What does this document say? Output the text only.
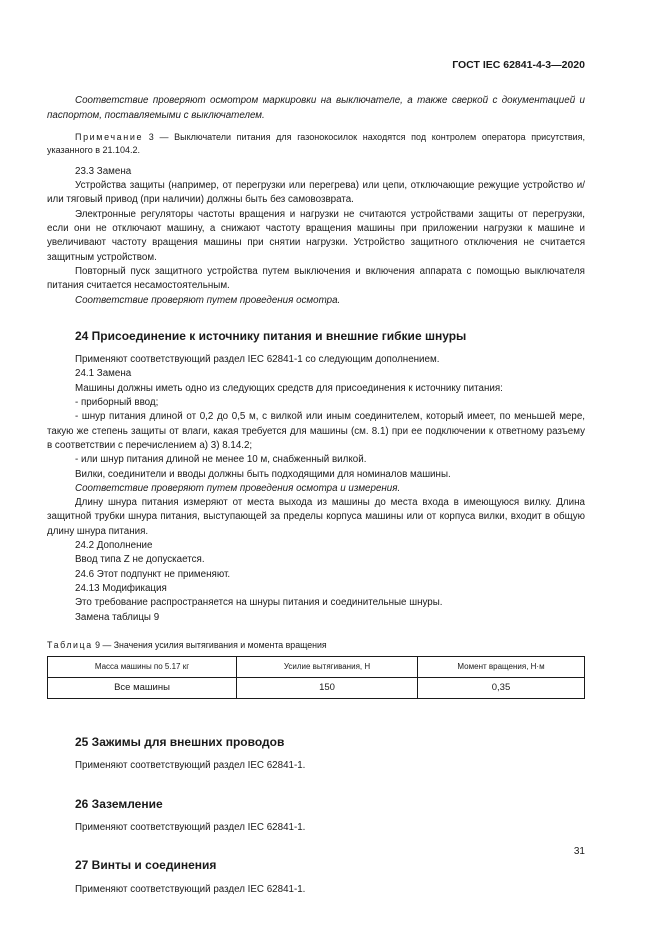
ГОСТ IEC 62841-4-3—2020

Соответствие проверяют осмотром маркировки на выключателе, а также сверкой с документацией и паспортом, поставляемыми с выключателем.

Примечание 3 — Выключатели питания для газонокосилок находятся под контролем оператора присутствия, указанного в 21.104.2.

23.3 Замена

Устройства защиты (например, от перегрузки или перегрева) или цепи, отключающие режущие устройство и/или тяговый привод (при наличии) должны быть без самовозврата.

Электронные регуляторы частоты вращения и нагрузки не считаются устройствами защиты от перегрузки, если они не отключают машину, а снижают частоту вращения машины при приложении нагрузки к машине и увеличивают частоту вращения машины при снятии нагрузки. Устройство защитного отключения не считается защитным устройством.

Повторный пуск защитного устройства путем выключения и включения аппарата с помощью выключателя питания считается несамостоятельным.

Соответствие проверяют путем проведения осмотра.

24 Присоединение к источнику питания и внешние гибкие шнуры

Применяют соответствующий раздел IEC 62841-1 со следующим дополнением.

24.1 Замена

Машины должны иметь одно из следующих средств для присоединения к источнику питания:

- приборный ввод;

- шнур питания длиной от 0,2 до 0,5 м, с вилкой или иным соединителем, который имеет, по меньшей мере, такую же степень защиты от влаги, какая требуется для машины (см. 8.1) при ее подключении к ответному разъему в соответствии с перечислением a) 3) 8.14.2;

- или шнур питания длиной не менее 10 м, снабженный вилкой.

Вилки, соединители и вводы должны быть подходящими для номиналов машины.

Соответствие проверяют путем проведения осмотра и измерения.

Длину шнура питания измеряют от места выхода из машины до места входа в имеющуюся вилку. Длина защитной трубки шнура питания, выступающей за пределы корпуса машины или от корпуса вилки, входит в общую длину шнура питания.

24.2 Дополнение

Ввод типа Z не допускается.

24.6 Этот подпункт не применяют.

24.13 Модификация

Это требование распространяется на шнуры питания и соединительные шнуры.

Замена таблицы 9

Таблица 9 — Значения усилия вытягивания и момента вращения

Масса машины по 5.17 кг	Усилие вытягивания, Н	Момент вращения, Н·м
Все машины	150	0,35
25 Зажимы для внешних проводов

Применяют соответствующий раздел IEC 62841-1.

26 Заземление

Применяют соответствующий раздел IEC 62841-1.

27 Винты и соединения

Применяют соответствующий раздел IEC 62841-1.

31
